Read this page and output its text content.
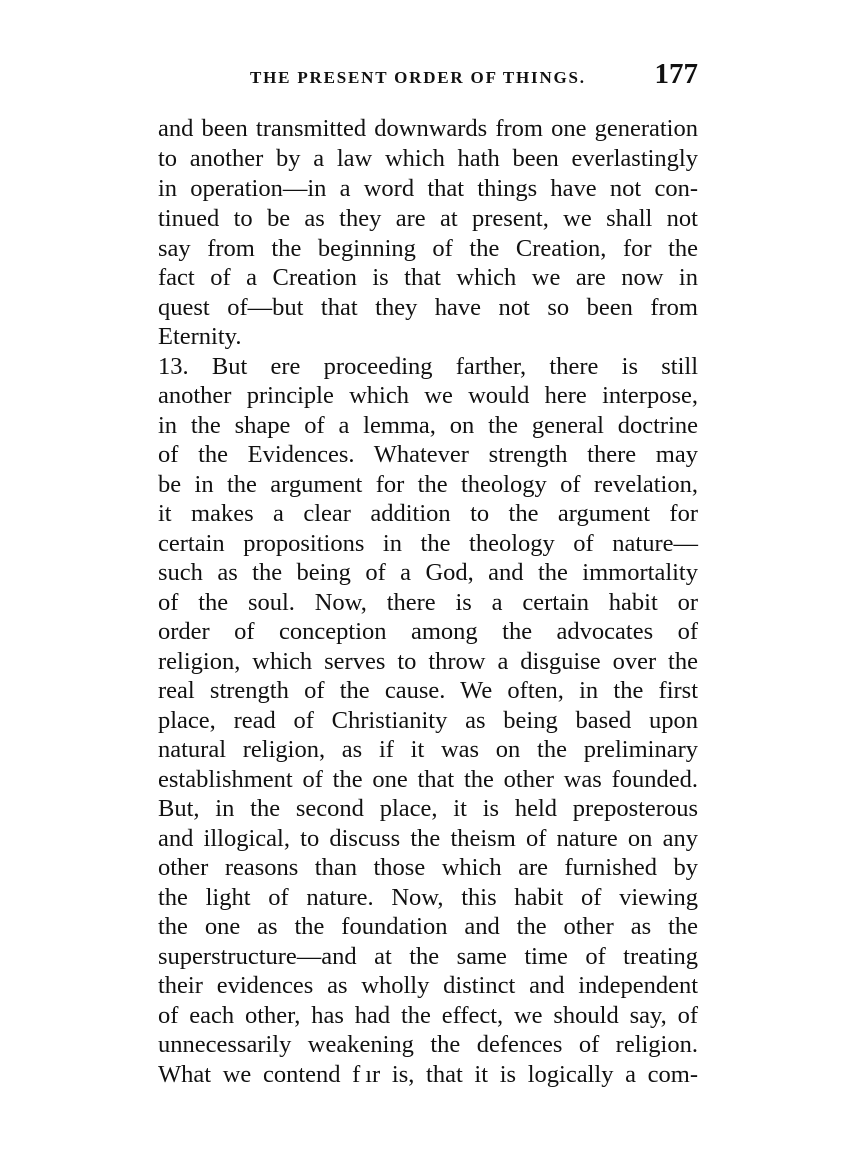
THE PRESENT ORDER OF THINGS. 177
and been transmitted downwards from one generation
to another by a law which hath been everlastingly
in operation—in a word that things have not con-
tinued to be as they are at present, we shall not
say from the beginning of the Creation, for the
fact of a Creation is that which we are now in
quest of—but that they have not so been from
Eternity.
13. But ere proceeding farther, there is still
another principle which we would here interpose,
in the shape of a lemma, on the general doctrine
of the Evidences. Whatever strength there may
be in the argument for the theology of revelation,
it makes a clear addition to the argument for
certain propositions in the theology of nature—
such as the being of a God, and the immortality
of the soul. Now, there is a certain habit or
order of conception among the advocates of
religion, which serves to throw a disguise over the
real strength of the cause. We often, in the first
place, read of Christianity as being based upon
natural religion, as if it was on the preliminary
establishment of the one that the other was founded.
But, in the second place, it is held preposterous
and illogical, to discuss the theism of nature on any
other reasons than those which are furnished by
the light of nature. Now, this habit of viewing
the one as the foundation and the other as the
superstructure—and at the same time of treating
their evidences as wholly distinct and independent
of each other, has had the effect, we should say, of
unnecessarily weakening the defences of religion.
What we contend f ır is, that it is logically a com-
